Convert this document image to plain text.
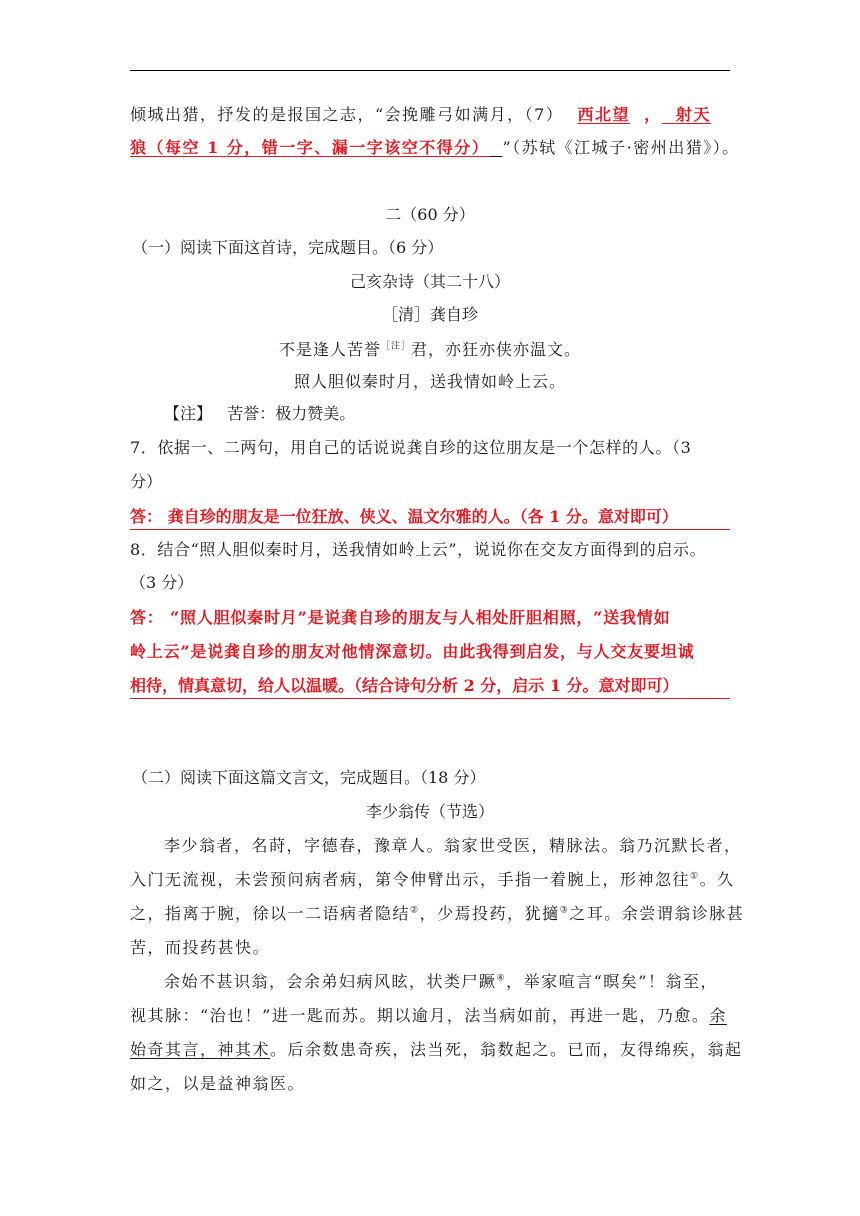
倾城出猎，抒发的是报国之志，“会挽雕弓如满月，（7） 西北望 ， 射天
狼（每空 1 分，错一字、漏一字该空不得分） ”（苏轼《江城子·密州出猎》）。
二（60 分）
（一）阅读下面这首诗，完成题目。（6 分）
己亥杂诗（其二十八）
［清］龚自珍
不是逢人苦誉$^{[注]}$君，亦狂亦侠亦温文。
照人胆似秦时月，送我情如岭上云。
【注】 苦誉：极力赞美。
7．依据一、二两句，用自己的话说说龚自珍的这位朋友是一个怎样的人。（3
分）
答： 龚自珍的朋友是一位狂放、侠义、温文尔雅的人。（各 1 分。意对即可）
8．结合“照人胆似秦时月，送我情如岭上云”，说说你在交友方面得到的启示。
（3 分）
答： “照人胆似秦时月”是说龚自珍的朋友与人相处肝胆相照，“送我情如
岭上云”是说龚自珍的朋友对他情深意切。由此我得到启发，与人交友要坦诚
相待，情真意切，给人以温暖。（结合诗句分析 2 分，启示 1 分。意对即可）
（二）阅读下面这篇文言文，完成题目。（18 分）
李少翁传（节选）
李少翁者，名莳，字德春，豫章人。翁家世受医，精脉法。翁乃沉默长者，
入门无流视，未尝预问病者病，第令伸臂出示，手指一着腕上，形神忽往①。久
之，指离于腕，徐以一二语病者隐结②，少焉投药，犹擿③之耳。余尝谓翁诊脉甚
苦，而投药甚快。
余始不甚识翁，会余弟妇病风眩，状类尸蹶④，举家喧言“瞑矣”！翁至，
视其脉：“治也！”进一匙而苏。期以逾月，法当病如前，再进一匙，乃愈。余
始奇其言，神其术。后余数患奇疾，法当死，翁数起之。已而，友得绵疾，翁起
如之，以是益神翁医。
